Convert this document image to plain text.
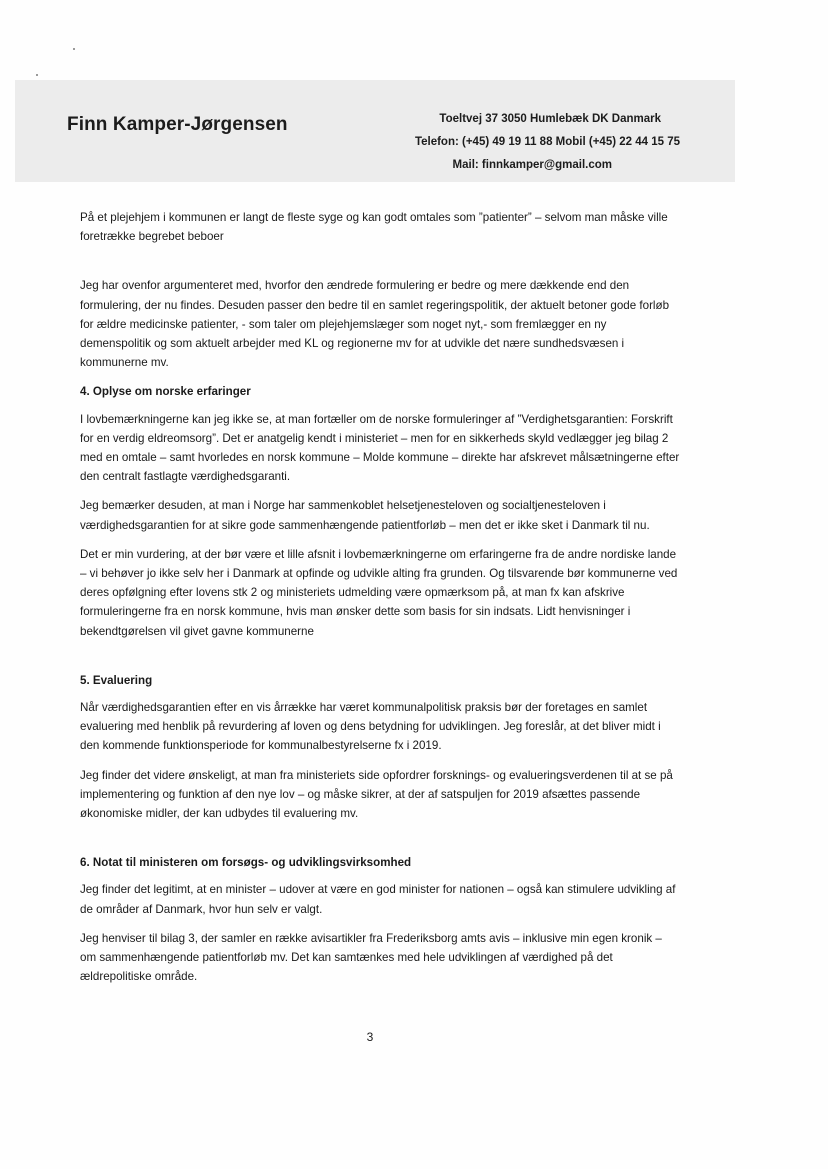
Finn Kamper-Jørgensen	Toeltvej 37 3050 Humlebæk DK Danmark
Telefon: (+45) 49 19 11 88 Mobil (+45) 22 44 15 75
Mail: finnkamper@gmail.com

På et plejehjem i kommunen er langt de fleste syge og kan godt omtales som ”patienter” – selvom man måske ville foretrække begrebet beboer

Jeg har ovenfor argumenteret med, hvorfor den ændrede formulering er bedre og mere dækkende end den formulering, der nu findes. Desuden passer den bedre til en samlet regeringspolitik, der aktuelt betoner gode forløb for ældre medicinske patienter, - som taler om plejehjemslæger som noget nyt,- som fremlægger en ny demenspolitik og som aktuelt arbejder med KL og regionerne mv for at udvikle det nære sundhedsvæsen i kommunerne mv.

4. Oplyse om norske erfaringer

I lovbemærkningerne kan jeg ikke se, at man fortæller om de norske formuleringer af ”Verdighetsgarantien: Forskrift for en verdig eldreomsorg”. Det er anatgelig kendt i ministeriet – men for en sikkerheds skyld vedlægger jeg bilag 2 med en omtale – samt hvorledes en norsk kommune – Molde kommune – direkte har afskrevet målsætningerne efter den centralt fastlagte værdighedsgaranti.

Jeg bemærker desuden, at man i Norge har sammenkoblet helsetjenesteloven og socialtjenesteloven i værdighedsgarantien for at sikre gode sammenhængende patientforløb – men det er ikke sket i Danmark til nu.

Det er min vurdering, at der bør være et lille afsnit i lovbemærkningerne om erfaringerne fra de andre nordiske lande – vi behøver jo ikke selv her i Danmark at opfinde og udvikle alting fra grunden. Og tilsvarende bør kommunerne ved deres opfølgning efter lovens stk 2 og ministeriets udmelding være opmærksom på, at man fx kan afskrive formuleringerne fra en norsk kommune, hvis man ønsker dette som basis for sin indsats. Lidt henvisninger i bekendtgørelsen vil givet gavne kommunerne

5. Evaluering

Når værdighedsgarantien efter en vis årrække har været kommunalpolitisk praksis bør der foretages en samlet evaluering med henblik på revurdering af loven og dens betydning for udviklingen. Jeg foreslår, at det bliver midt i den kommende funktionsperiode for kommunalbestyrelserne fx i 2019.

Jeg finder det videre ønskeligt, at man fra ministeriets side opfordrer forsknings- og evalueringsverdenen til at se på implementering og funktion af den nye lov – og måske sikrer, at der af satspuljen for 2019 afsættes passende økonomiske midler, der kan udbydes til evaluering mv.

6. Notat til ministeren om forsøgs- og udviklingsvirksomhed

Jeg finder det legitimt, at en minister – udover at være en god minister for nationen – også kan stimulere udvikling af de områder af Danmark, hvor hun selv er valgt.

Jeg henviser til bilag 3, der samler en række avisartikler fra Frederiksborg amts avis – inklusive min egen kronik – om sammenhængende patientforløb mv. Det kan samtænkes med hele udviklingen af værdighed på det ældrepolitiske område.

3
